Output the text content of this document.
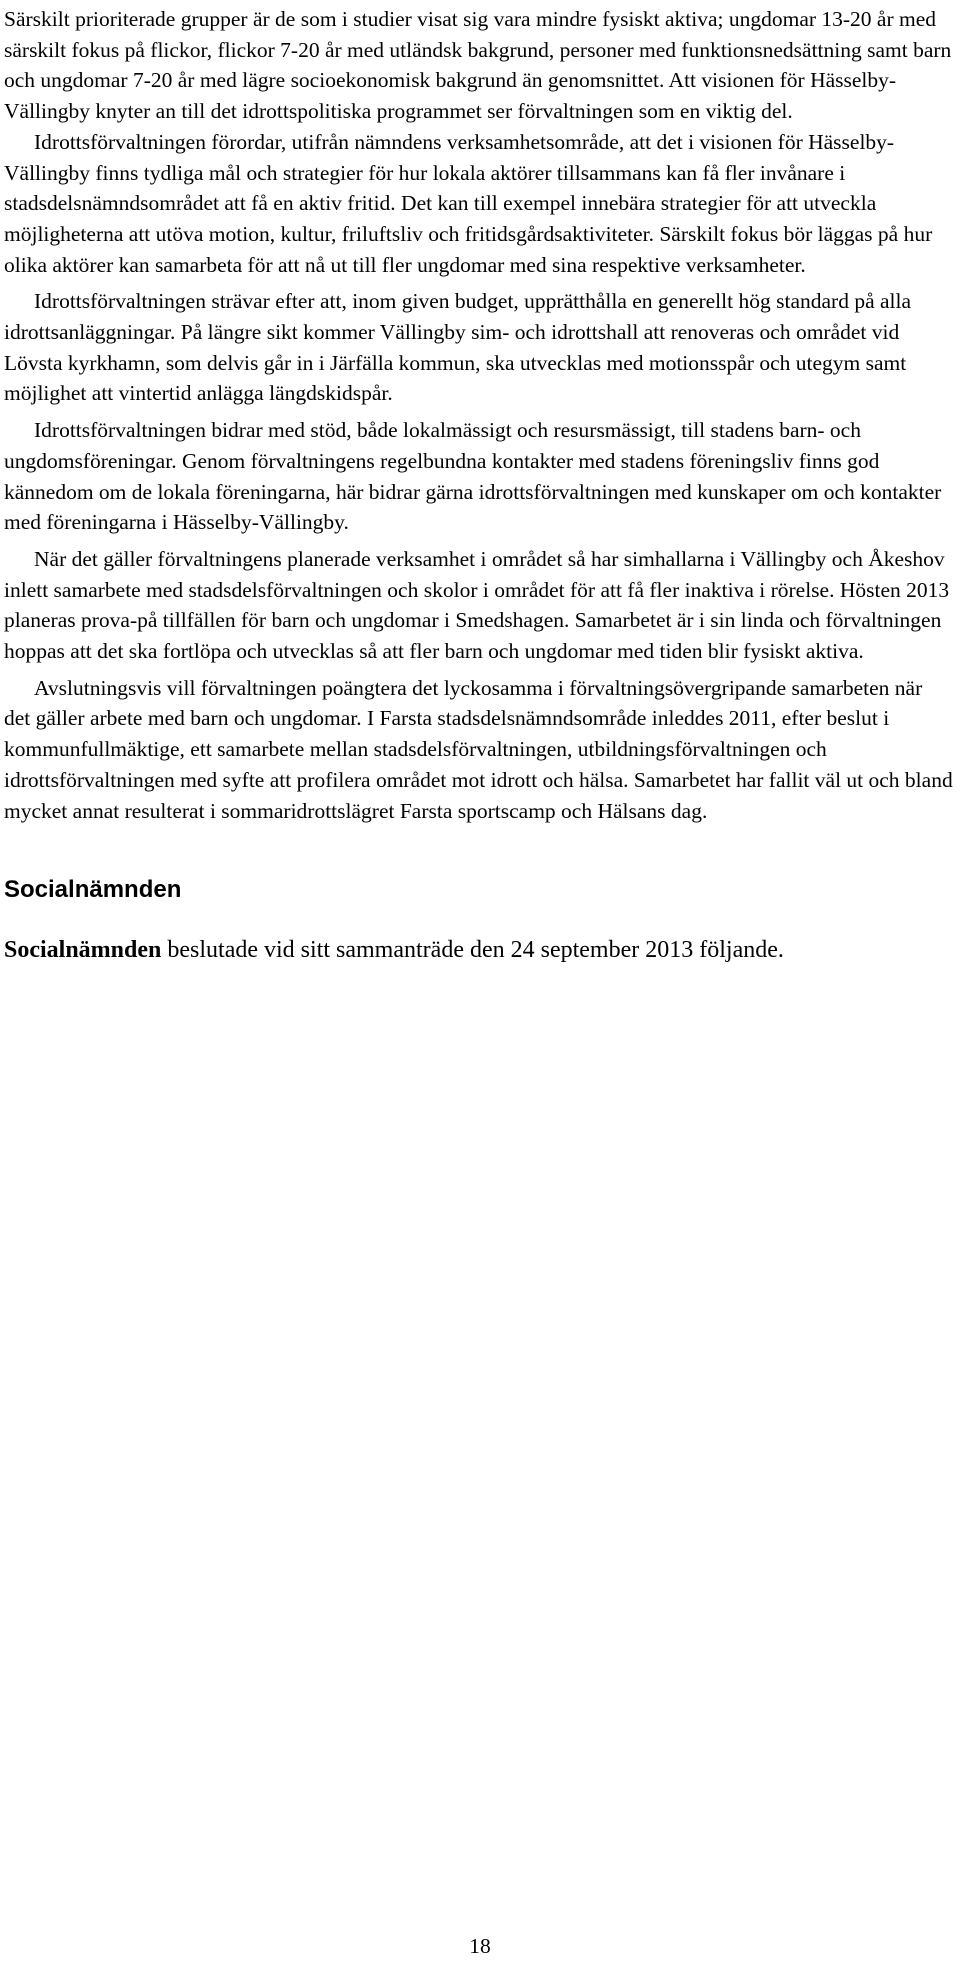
Särskilt prioriterade grupper är de som i studier visat sig vara mindre fysiskt aktiva; ungdomar 13-20 år med särskilt fokus på flickor, flickor 7-20 år med utländsk bakgrund, personer med funktionsnedsättning samt barn och ungdomar 7-20 år med lägre socioekonomisk bakgrund än genomsnittet. Att visionen för Hässelby-Vällingby knyter an till det idrottspolitiska programmet ser förvaltningen som en viktig del.

Idrottsförvaltningen förordar, utifrån nämndens verksamhetsområde, att det i visionen för Hässelby-Vällingby finns tydliga mål och strategier för hur lokala aktörer tillsammans kan få fler invånare i stadsdelsnämndsområdet att få en aktiv fritid. Det kan till exempel innebära strategier för att utveckla möjligheterna att utöva motion, kultur, friluftsliv och fritidsgårdsaktiviteter. Särskilt fokus bör läggas på hur olika aktörer kan samarbeta för att nå ut till fler ungdomar med sina respektive verksamheter.

Idrottsförvaltningen strävar efter att, inom given budget, upprätthålla en generellt hög standard på alla idrottsanläggningar. På längre sikt kommer Vällingby sim- och idrottshall att renoveras och området vid Lövsta kyrkhamn, som delvis går in i Järfälla kommun, ska utvecklas med motionsspår och utegym samt möjlighet att vintertid anlägga längdskidspår.

Idrottsförvaltningen bidrar med stöd, både lokalmässigt och resursmässigt, till stadens barn- och ungdomsföreningar. Genom förvaltningens regelbundna kontakter med stadens föreningsliv finns god kännedom om de lokala föreningarna, här bidrar gärna idrottsförvaltningen med kunskaper om och kontakter med föreningarna i Hässelby-Vällingby.

När det gäller förvaltningens planerade verksamhet i området så har simhallarna i Vällingby och Åkeshov inlett samarbete med stadsdelsförvaltningen och skolor i området för att få fler inaktiva i rörelse. Hösten 2013 planeras prova-på tillfällen för barn och ungdomar i Smedshagen. Samarbetet är i sin linda och förvaltningen hoppas att det ska fortlöpa och utvecklas så att fler barn och ungdomar med tiden blir fysiskt aktiva.

Avslutningsvis vill förvaltningen poängtera det lyckosamma i förvaltningsövergripande samarbeten när det gäller arbete med barn och ungdomar. I Farsta stadsdelsnämndsområde inleddes 2011, efter beslut i kommunfullmäktige, ett samarbete mellan stadsdelsförvaltningen, utbildningsförvaltningen och idrottsförvaltningen med syfte att profilera området mot idrott och hälsa. Samarbetet har fallit väl ut och bland mycket annat resulterat i sommaridrottslägret Farsta sportscamp och Hälsans dag.

Socialnämnden

Socialnämnden beslutade vid sitt sammanträde den 24 september 2013 följande.

18
